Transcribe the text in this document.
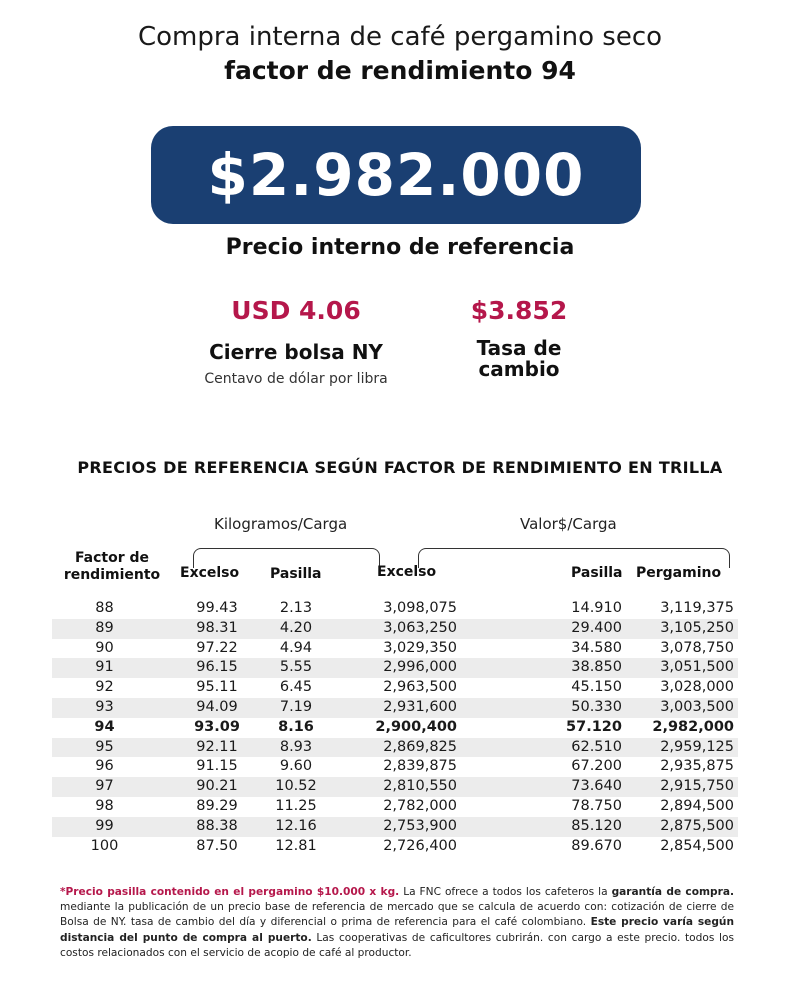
Compra interna de café pergamino seco
factor de rendimiento 94
$2.982.000
Precio interno de referencia
USD 4.06
Cierre bolsa NY
Centavo de dólar por libra
$3.852
Tasa de
cambio
PRECIOS DE REFERENCIA SEGÚN FACTOR DE RENDIMIENTO EN TRILLA
Kilogramos/Carga	Valor$/Carga
Factor de
rendimiento	Excelso Pasilla	Excelso	Pasilla Pergamino
88	99.43	2.13	3,098,075	14.910	3,119,375
89	98.31	4.20	3,063,250	29.400	3,105,250
90	97.22	4.94	3,029,350	34.580	3,078,750
91	96.15	5.55	2,996,000	38.850	3,051,500
92	95.11	6.45	2,963,500	45.150	3,028,000
93	94.09	7.19	2,931,600	50.330	3,003,500
94	93.09	8.16	2,900,400	57.120	2,982,000
95	92.11	8.93	2,869,825	62.510	2,959,125
96	91.15	9.60	2,839,875	67.200	2,935,875
97	90.21	10.52	2,810,550	73.640	2,915,750
98	89.29	11.25	2,782,000	78.750	2,894,500
99	88.38	12.16	2,753,900	85.120	2,875,500
100	87.50	12.81	2,726,400	89.670	2,854,500
*Precio pasilla contenido en el pergamino $10.000 x kg. La FNC ofrece a todos los cafeteros la garantía de compra. mediante la publicación de un precio base de referencia de mercado que se calcula de acuerdo con: cotización de cierre de Bolsa de NY. tasa de cambio del día y diferencial o prima de referencia para el café colombiano. Este precio varía según distancia del punto de compra al puerto. Las cooperativas de caficultores cubrirán. con cargo a este precio. todos los costos relacionados con el servicio de acopio de café al productor.
